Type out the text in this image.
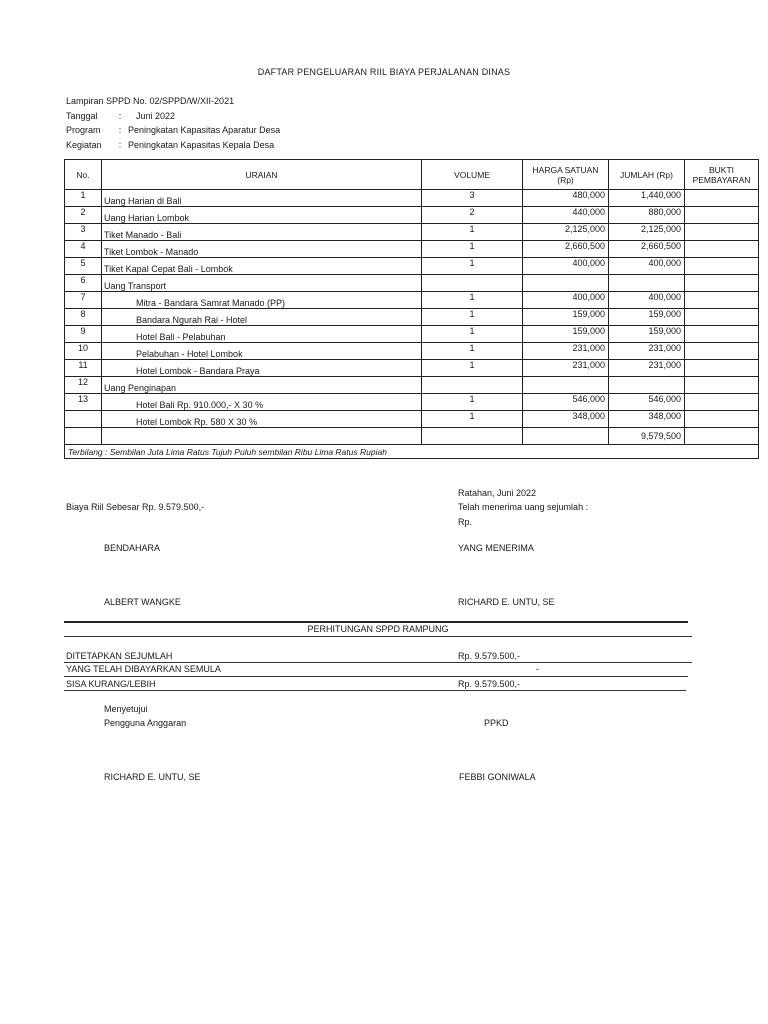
DAFTAR PENGELUARAN RIIL BIAYA PERJALANAN DINAS
Lampiran SPPD No. 02/SPPD/W/XII-2021
Tanggal	:	Juni 2022
Program	: Peningkatan Kapasitas Aparatur Desa
Kegiatan	: Peningkatan Kapasitas Kepala Desa
No.	URAIAN	VOLUME	HARGA SATUAN (Rp)	JUMLAH (Rp)	BUKTI PEMBAYARAN
1	Uang Harian di Bali	3	480,000	1,440,000	
2	Uang Harian Lombok	2	440,000	880,000	
3	Tiket Manado - Bali	1	2,125,000	2,125,000	
4	Tiket Lombok - Manado	1	2,660,500	2,660,500	
5	Tiket Kapal Cepat Bali - Lombok	1	400,000	400,000	
6	Uang Transport				
7	Mitra - Bandara Samrat Manado (PP)	1	400,000	400,000	
8	Bandara Ngurah Rai - Hotel	1	159,000	159,000	
9	Hotel Bali - Pelabuhan	1	159,000	159,000	
10	Pelabuhan - Hotel Lombok	1	231,000	231,000	
11	Hotel Lombok - Bandara Praya	1	231,000	231,000	
12	Uang Penginapan				
13	Hotel Bali Rp. 910.000,- X 30 %	1	546,000	546,000	
	Hotel Lombok Rp. 580 X 30 %	1	348,000	348,000	
				9,579,500	
Terbilang : Sembilan Juta Lima Ratus Tujuh Puluh sembilan Ribu Lima Ratus Rupiah					
Ratahan, Juni 2022
Biaya Riil Sebesar Rp. 9.579.500,-	Telah menerima uang sejumlah :
Rp.
BENDAHARA	YANG MENERIMA
ALBERT WANGKE	RICHARD E. UNTU, SE
PERHITUNGAN SPPD RAMPUNG
DITETAPKAN SEJUMLAH	Rp. 9.579.500,-
YANG TELAH DIBAYARKAN SEMULA	-
SISA KURANG/LEBIH	Rp. 9.579.500,-
Menyetujui
Pengguna Anggaran	PPKD
RICHARD E. UNTU, SE	FEBBI GONIWALA
